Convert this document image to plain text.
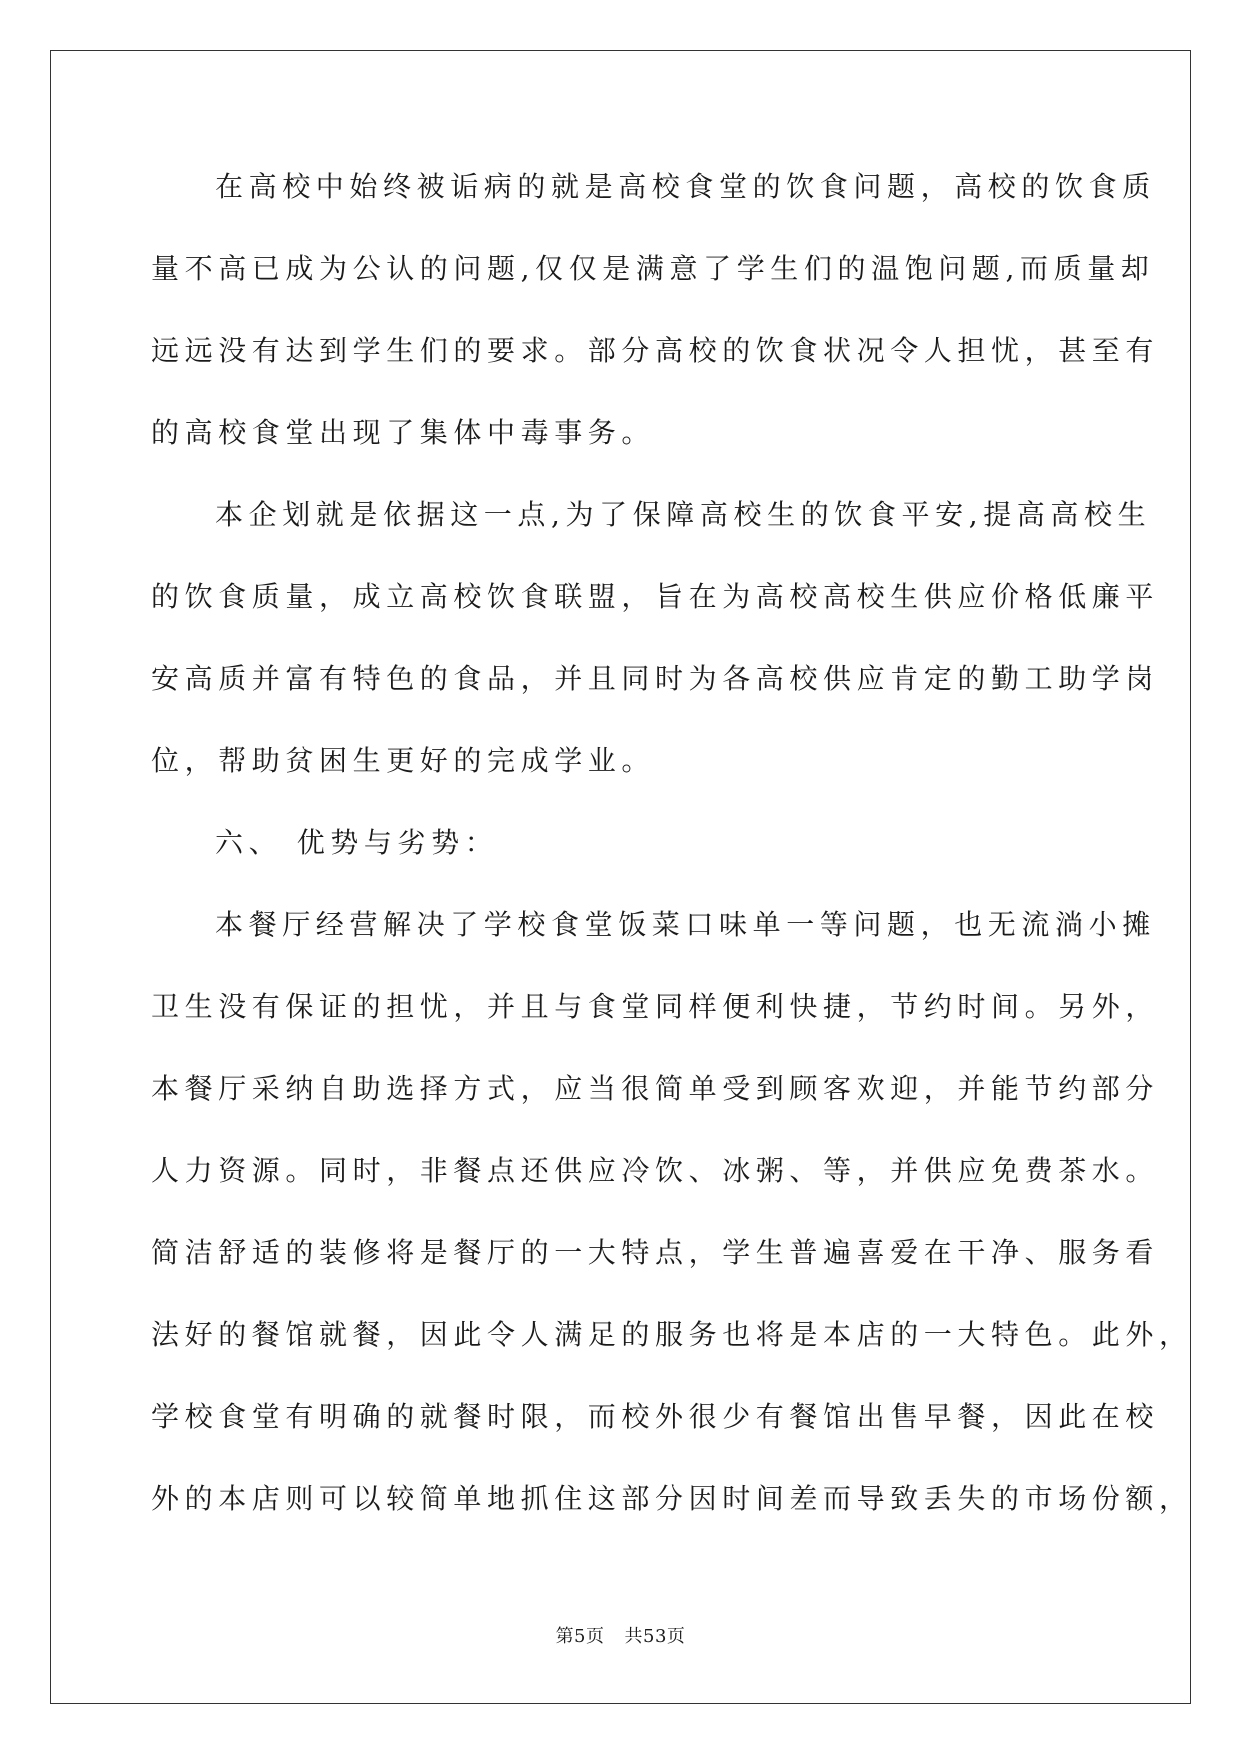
在高校中始终被诟病的就是高校食堂的饮食问题，高校的饮食质
量不高已成为公认的问题,仅仅是满意了学生们的温饱问题,而质量却
远远没有达到学生们的要求。部分高校的饮食状况令人担忧，甚至有
的高校食堂出现了集体中毒事务。
本企划就是依据这一点,为了保障高校生的饮食平安,提高高校生
的饮食质量，成立高校饮食联盟，旨在为高校高校生供应价格低廉平
安高质并富有特色的食品，并且同时为各高校供应肯定的勤工助学岗
位，帮助贫困生更好的完成学业。
六、 优势与劣势：
本餐厅经营解决了学校食堂饭菜口味单一等问题，也无流淌小摊
卫生没有保证的担忧，并且与食堂同样便利快捷，节约时间。另外，
本餐厅采纳自助选择方式，应当很简单受到顾客欢迎，并能节约部分
人力资源。同时，非餐点还供应冷饮、冰粥、等，并供应免费茶水。
简洁舒适的装修将是餐厅的一大特点，学生普遍喜爱在干净、服务看
法好的餐馆就餐，因此令人满足的服务也将是本店的一大特色。此外，
学校食堂有明确的就餐时限，而校外很少有餐馆出售早餐，因此在校
外的本店则可以较简单地抓住这部分因时间差而导致丢失的市场份额，
第5页 共53页
